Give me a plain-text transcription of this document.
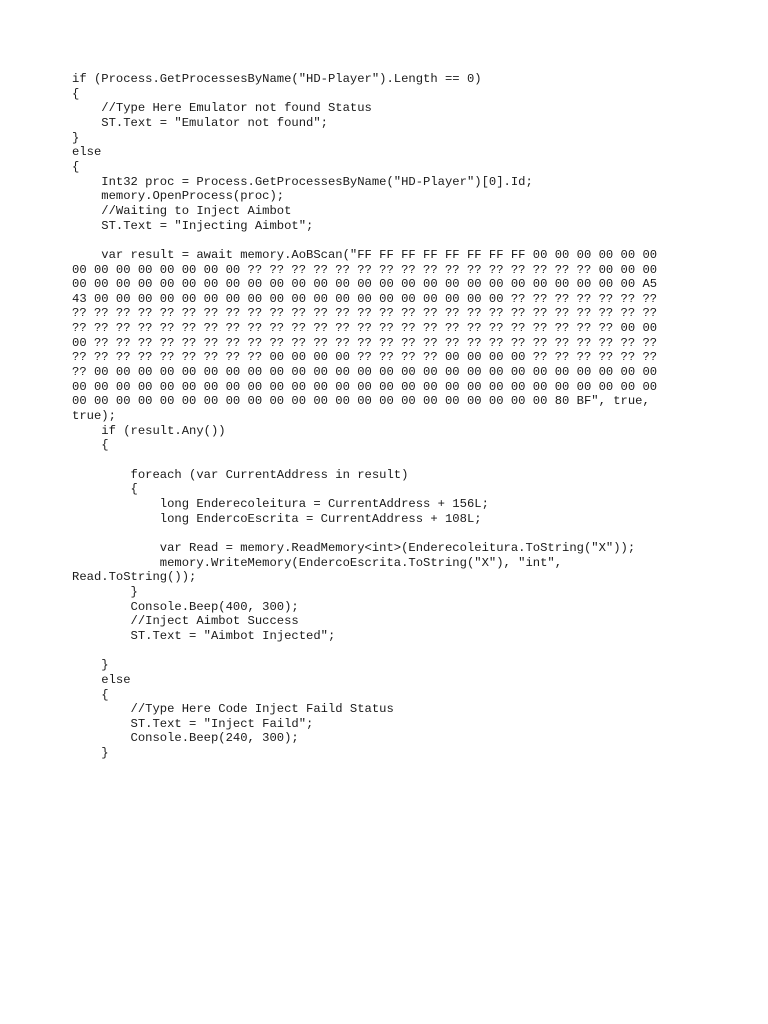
if (Process.GetProcessesByName("HD-Player").Length == 0)
{
//Type Here Emulator not found Status
ST.Text = "Emulator not found";
}
else
{
Int32 proc = Process.GetProcessesByName("HD-Player")[0].Id;
memory.OpenProcess(proc);
//Waiting to Inject Aimbot
ST.Text = "Injecting Aimbot";
var result = await memory.AoBScan("FF FF FF FF FF FF FF FF 00 00 00 00 00 00
00 00 00 00 00 00 00 00 ?? ?? ?? ?? ?? ?? ?? ?? ?? ?? ?? ?? ?? ?? ?? ?? 00 00 00
00 00 00 00 00 00 00 00 00 00 00 00 00 00 00 00 00 00 00 00 00 00 00 00 00 00 A5
43 00 00 00 00 00 00 00 00 00 00 00 00 00 00 00 00 00 00 00 ?? ?? ?? ?? ?? ?? ??
?? ?? ?? ?? ?? ?? ?? ?? ?? ?? ?? ?? ?? ?? ?? ?? ?? ?? ?? ?? ?? ?? ?? ?? ?? ?? ??
?? ?? ?? ?? ?? ?? ?? ?? ?? ?? ?? ?? ?? ?? ?? ?? ?? ?? ?? ?? ?? ?? ?? ?? ?? 00 00
00 ?? ?? ?? ?? ?? ?? ?? ?? ?? ?? ?? ?? ?? ?? ?? ?? ?? ?? ?? ?? ?? ?? ?? ?? ?? ??
?? ?? ?? ?? ?? ?? ?? ?? ?? 00 00 00 00 ?? ?? ?? ?? 00 00 00 00 ?? ?? ?? ?? ?? ??
?? 00 00 00 00 00 00 00 00 00 00 00 00 00 00 00 00 00 00 00 00 00 00 00 00 00 00
00 00 00 00 00 00 00 00 00 00 00 00 00 00 00 00 00 00 00 00 00 00 00 00 00 00 00
00 00 00 00 00 00 00 00 00 00 00 00 00 00 00 00 00 00 00 00 00 00 80 BF", true,
true);
if (result.Any())
{
foreach (var CurrentAddress in result)
{
long Enderecoleitura = CurrentAddress + 156L;
long EndercoEscrita = CurrentAddress + 108L;
var Read = memory.ReadMemory<int>(Enderecoleitura.ToString("X"));
memory.WriteMemory(EndercoEscrita.ToString("X"), "int",
Read.ToString());
}
Console.Beep(400, 300);
//Inject Aimbot Success
ST.Text = "Aimbot Injected";
}
else
{
//Type Here Code Inject Faild Status
ST.Text = "Inject Faild";
Console.Beep(240, 300);
}
